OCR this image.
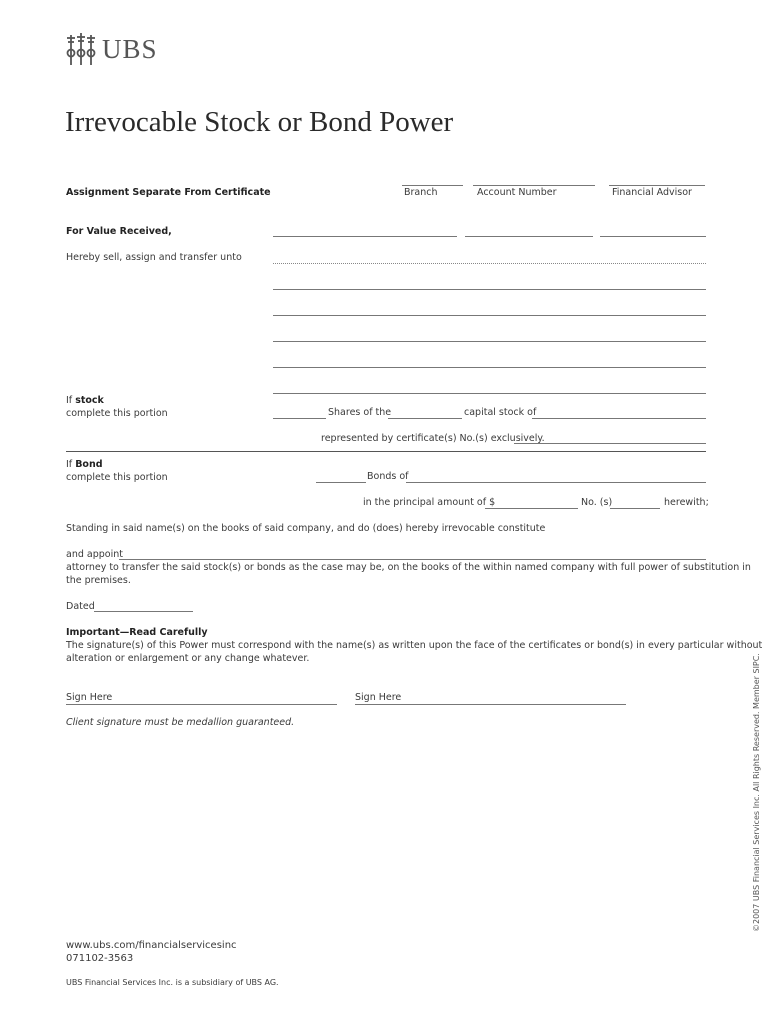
UBS
Irrevocable Stock or Bond Power
Assignment Separate From Certificate	Branch	Account Number	Financial Advisor
For Value Received,
Hereby sell, assign and transfer unto
If stock
complete this portion	Shares of the	capital stock of
represented by certificate(s) No.(s) exclusively.
If Bond
complete this portion	Bonds of
in the principal amount of $	No. (s)	herewith;
Standing in said name(s) on the books of said company, and do (does) hereby irrevocable constitute
and appoint
attorney to transfer the said stock(s) or bonds as the case may be, on the books of the within named company with full power of substitution in
the premises.
Dated
Important—Read Carefully
The signature(s) of this Power must correspond with the name(s) as written upon the face of the certificates or bond(s) in every particular without
alteration or enlargement or any change whatever.
Sign Here	Sign Here
Client signature must be medallion guaranteed.
www.ubs.com/financialservicesinc
071102-3563
UBS Financial Services Inc. is a subsidiary of UBS AG.
©2007 UBS Financial Services Inc. All Rights Reserved. Member SIPC.
